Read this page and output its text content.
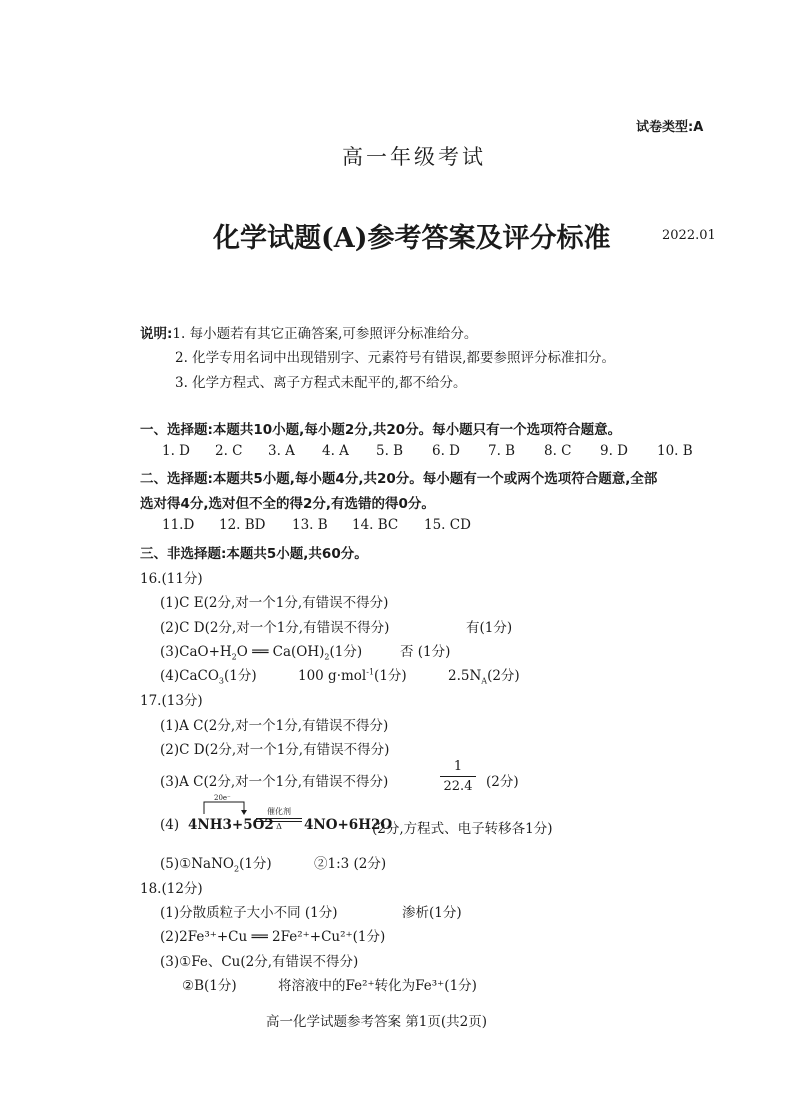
试卷类型:A
高一年级考试
化学试题(A)参考答案及评分标准	2022.01
说明:1. 每小题若有其它正确答案,可参照评分标准给分。
2. 化学专用名词中出现错别字、元素符号有错误,都要参照评分标准扣分。
3. 化学方程式、离子方程式未配平的,都不给分。
一、选择题:本题共10小题,每小题2分,共20分。每小题只有一个选项符合题意。
1. D 2. C 3. A 4. A 5. B 6. D 7. B 8. C 9. D 10. B
二、选择题:本题共5小题,每小题4分,共20分。每小题有一个或两个选项符合题意,全部
选对得4分,选对但不全的得2分,有选错的得0分。
11.D 12. BD 13. B 14. BC 15. CD
三、非选择题:本题共5小题,共60分。
16.(11分)
(1)C E(2分,对一个1分,有错误不得分)
(2)C D(2分,对一个1分,有错误不得分)	有(1分)
$(3)CaO+H_2O$ ══ $Ca(OH)_2(1$分)	否 (1分)
(4)CaCO$_3$(1分)	100 g·mol$^{-1}$(1分)	$2.5N_A(2$分)
17.(13分)
(1)A C(2分,对一个1分,有错误不得分)
(2)C D(2分,对一个1分,有错误不得分)
(3)A C(2分,对一个1分,有错误不得分)
1
22.4 (2分)
20e⁻
(4) 4NH3+5O2
催化剂
Δ	4NO+6H2O
(2分,方程式、电子转移各1分)
(5)①NaNO$_2$(1分)	②1:3 (2分)
18.(12分)
(1)分散质粒子大小不同 (1分)	渗析(1分)
(2)2Fe³⁺+Cu ══ 2Fe²⁺+Cu²⁺(1分)
(3)①Fe、Cu(2分,有错误不得分)
②B(1分)	将溶液中的Fe²⁺转化为Fe³⁺(1分)
高一化学试题参考答案 第1页(共2页)
